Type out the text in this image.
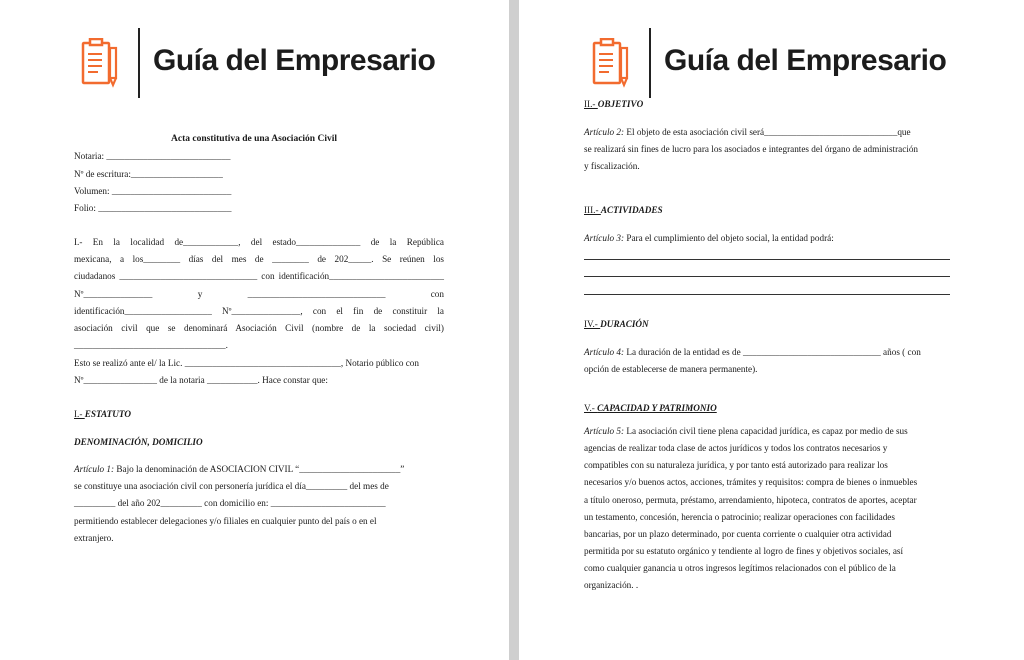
Guía del Empresario
Acta constitutiva de una Asociación Civil
Notaria: ___________________________
Nº de escritura:____________________
Volumen: __________________________
Folio: _____________________________
I.- En la localidad de____________, del estado______________ de la República
mexicana, a los________ días del mes de ________ de 202_____. Se reúnen los
ciudadanos ______________________________ con identificación_________________________
Nº_______________ y ______________________________ con
identificación___________________ Nº_______________, con el fin de constituir la
asociación civil que se denominará Asociación Civil (nombre de la sociedad civil)
_________________________________.
Esto se realizó ante el/ la Lic. __________________________________, Notario público con
Nº________________ de la notaria ___________. Hace constar que:
I.- ESTATUTO
DENOMINACIÓN, DOMICILIO
Artículo 1: Bajo la denominación de ASOCIACION CIVIL “______________________”
se constituye una asociación civil con personería jurídica el día_________ del mes de
_________ del año 202_________ con domicilio en: _________________________
permitiendo establecer delegaciones y/o filiales en cualquier punto del país o en el
extranjero.
Guía del Empresario
II.- OBJETIVO
Artículo 2: El objeto de esta asociación civil será_____________________________que
se realizará sin fines de lucro para los asociados e integrantes del órgano de administración
y fiscalización.
III.- ACTIVIDADES
Artículo 3: Para el cumplimiento del objeto social, la entidad podrá:
IV.- DURACIÓN
Artículo 4: La duración de la entidad es de ______________________________ años ( con
opción de establecerse de manera permanente).
V.- CAPACIDAD Y PATRIMONIO
Artículo 5: La asociación civil tiene plena capacidad jurídica, es capaz por medio de sus
agencias de realizar toda clase de actos jurídicos y todos los contratos necesarios y
compatibles con su naturaleza jurídica, y por tanto está autorizado para realizar los
necesarios y/o buenos actos, acciones, trámites y requisitos: compra de bienes o inmuebles
a título oneroso, permuta, préstamo, arrendamiento, hipoteca, contratos de aportes, aceptar
un testamento, concesión, herencia o patrocinio; realizar operaciones con facilidades
bancarias, por un plazo determinado, por cuenta corriente o cualquier otra actividad
permitida por su estatuto orgánico y tendiente al logro de fines y objetivos sociales, así
como cualquier ganancia u otros ingresos legítimos relacionados con el público de la
organización. .
